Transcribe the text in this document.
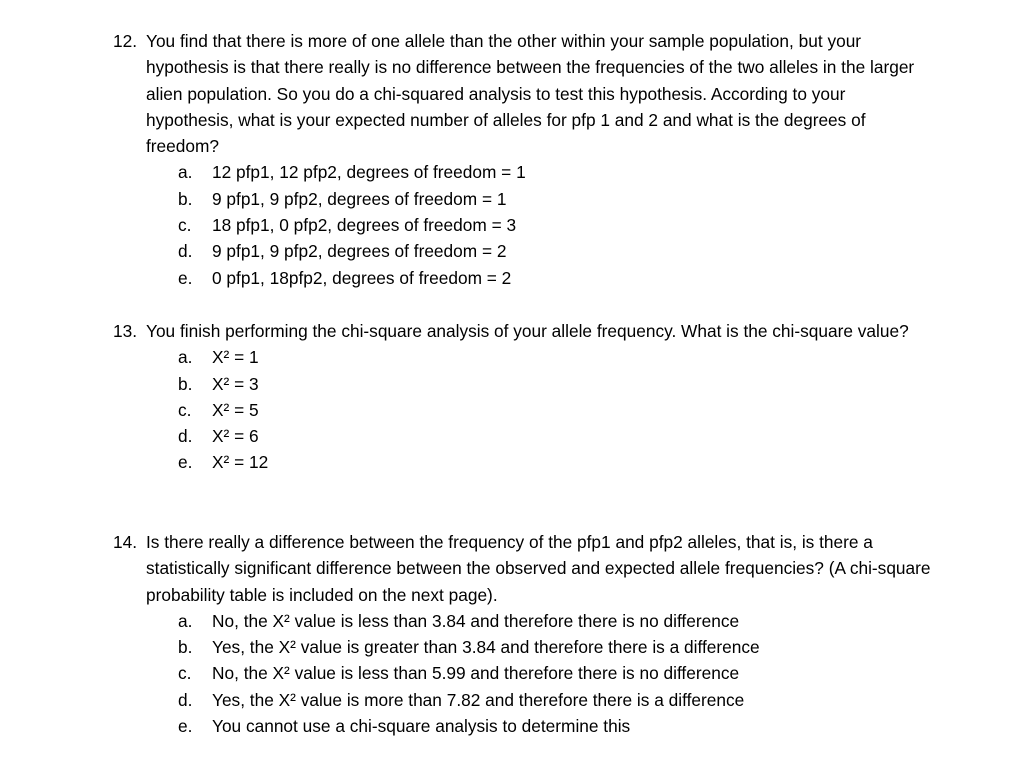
12. You find that there is more of one allele than the other within your sample population, but your hypothesis is that there really is no difference between the frequencies of the two alleles in the larger alien population. So you do a chi-squared analysis to test this hypothesis. According to your hypothesis, what is your expected number of alleles for pfp 1 and 2 and what is the degrees of freedom?
a.	12 pfp1, 12 pfp2, degrees of freedom = 1
b.	9 pfp1, 9 pfp2, degrees of freedom = 1
c.	18 pfp1, 0 pfp2, degrees of freedom = 3
d.	9 pfp1, 9 pfp2, degrees of freedom = 2
e.	0 pfp1, 18pfp2, degrees of freedom = 2
13. You finish performing the chi-square analysis of your allele frequency. What is the chi-square value?
a.	X² = 1
b.	X² = 3
c.	X² = 5
d.	X² = 6
e.	X² = 12
14. Is there really a difference between the frequency of the pfp1 and pfp2 alleles, that is, is there a statistically significant difference between the observed and expected allele frequencies? (A chi-square probability table is included on the next page).
a.	No, the X² value is less than 3.84 and therefore there is no difference
b.	Yes, the X² value is greater than 3.84 and therefore there is a difference
c.	No, the X² value is less than 5.99 and therefore there is no difference
d.	Yes, the X² value is more than 7.82 and therefore there is a difference
e.	You cannot use a chi-square analysis to determine this
